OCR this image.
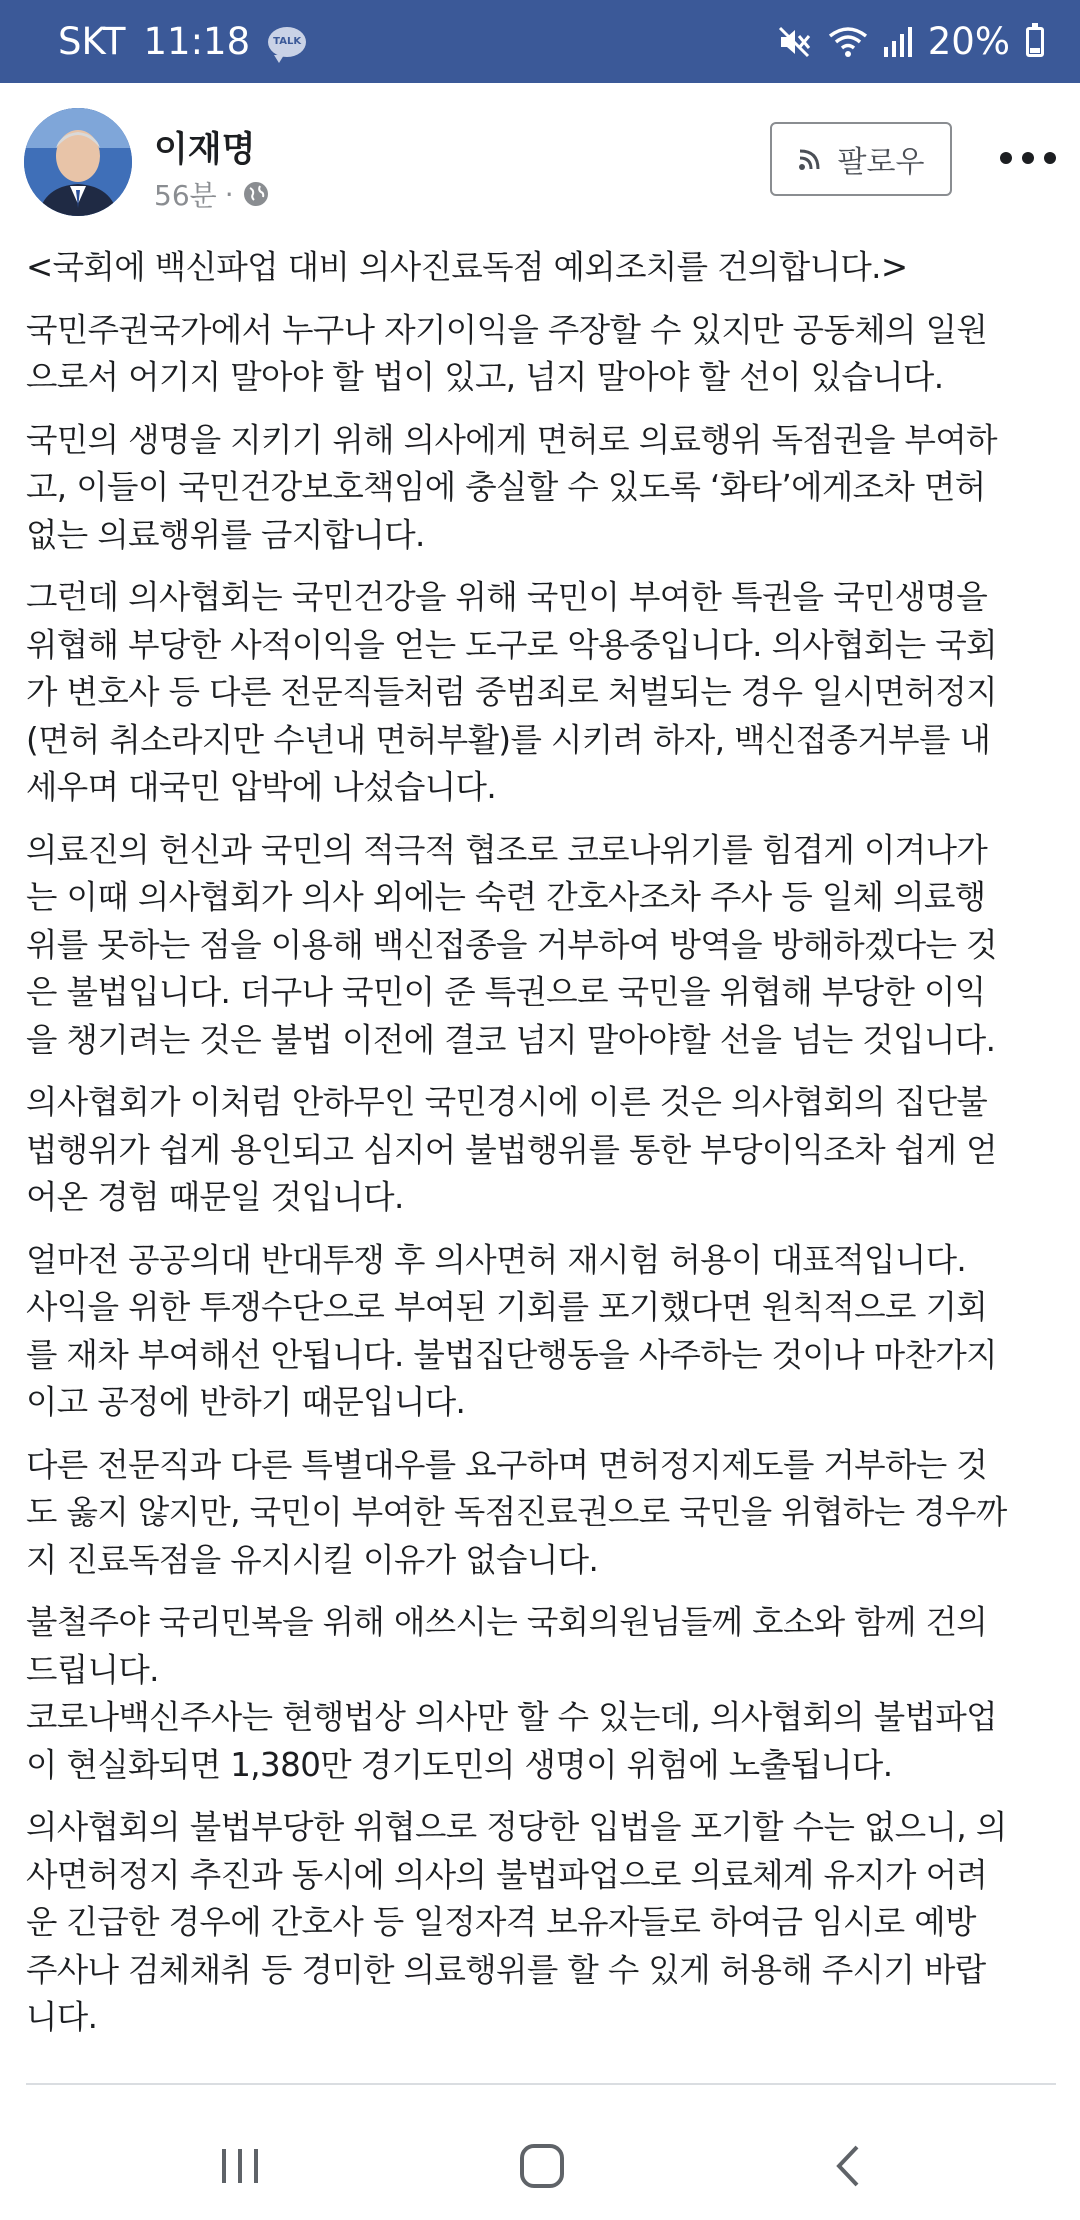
SKT 11:18	TALK	20%
이재명
56분 ·
팔로우

<국회에 백신파업 대비 의사진료독점 예외조치를 건의합니다.>

국민주권국가에서 누구나 자기이익을 주장할 수 있지만 공동체의 일원
으로서 어기지 말아야 할 법이 있고, 넘지 말아야 할 선이 있습니다.

국민의 생명을 지키기 위해 의사에게 면허로 의료행위 독점권을 부여하
고, 이들이 국민건강보호책임에 충실할 수 있도록 ‘화타’에게조차 면허
없는 의료행위를 금지합니다.

그런데 의사협회는 국민건강을 위해 국민이 부여한 특권을 국민생명을
위협해 부당한 사적이익을 얻는 도구로 악용중입니다. 의사협회는 국회
가 변호사 등 다른 전문직들처럼 중범죄로 처벌되는 경우 일시면허정지
(면허 취소라지만 수년내 면허부활)를 시키려 하자, 백신접종거부를 내
세우며 대국민 압박에 나섰습니다.

의료진의 헌신과 국민의 적극적 협조로 코로나위기를 힘겹게 이겨나가
는 이때 의사협회가 의사 외에는 숙련 간호사조차 주사 등 일체 의료행
위를 못하는 점을 이용해 백신접종을 거부하여 방역을 방해하겠다는 것
은 불법입니다. 더구나 국민이 준 특권으로 국민을 위협해 부당한 이익
을 챙기려는 것은 불법 이전에 결코 넘지 말아야할 선을 넘는 것입니다.

의사협회가 이처럼 안하무인 국민경시에 이른 것은 의사협회의 집단불
법행위가 쉽게 용인되고 심지어 불법행위를 통한 부당이익조차 쉽게 얻
어온 경험 때문일 것입니다.

얼마전 공공의대 반대투쟁 후 의사면허 재시험 허용이 대표적입니다.
사익을 위한 투쟁수단으로 부여된 기회를 포기했다면 원칙적으로 기회
를 재차 부여해선 안됩니다. 불법집단행동을 사주하는 것이나 마찬가지
이고 공정에 반하기 때문입니다.

다른 전문직과 다른 특별대우를 요구하며 면허정지제도를 거부하는 것
도 옳지 않지만, 국민이 부여한 독점진료권으로 국민을 위협하는 경우까
지 진료독점을 유지시킬 이유가 없습니다.

불철주야 국리민복을 위해 애쓰시는 국회의원님들께 호소와 함께 건의
드립니다.
코로나백신주사는 현행법상 의사만 할 수 있는데, 의사협회의 불법파업
이 현실화되면 1,380만 경기도민의 생명이 위험에 노출됩니다.

의사협회의 불법부당한 위협으로 정당한 입법을 포기할 수는 없으니, 의
사면허정지 추진과 동시에 의사의 불법파업으로 의료체계 유지가 어려
운 긴급한 경우에 간호사 등 일정자격 보유자들로 하여금 임시로 예방
주사나 검체채취 등 경미한 의료행위를 할 수 있게 허용해 주시기 바랍
니다.
